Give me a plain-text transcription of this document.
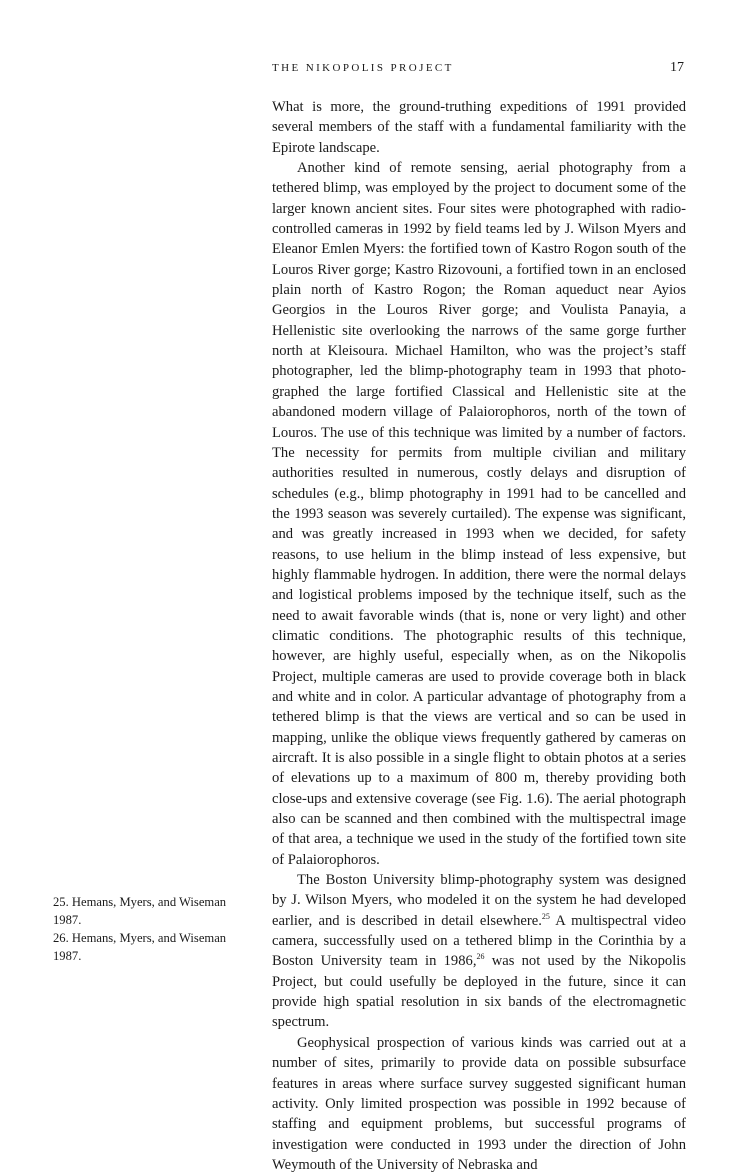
THE NIKOPOLIS PROJECT	17

What is more, the ground-truthing expeditions of 1991 provided several members of the staff with a fundamental familiarity with the Epirote landscape.

Another kind of remote sensing, aerial photography from a tethered blimp, was employed by the project to document some of the larger known ancient sites. Four sites were photographed with radio-controlled cameras in 1992 by field teams led by J. Wilson Myers and Eleanor Emlen Myers: the fortified town of Kastro Rogon south of the Louros River gorge; Kastro Rizovouni, a fortified town in an enclosed plain north of Kastro Rogon; the Roman aqueduct near Ayios Georgios in the Louros River gorge; and Voulista Panayia, a Hellenistic site overlooking the narrows of the same gorge further north at Kleisoura. Michael Hamilton, who was the project’s staff photographer, led the blimp-photography team in 1993 that photographed the large fortified Classical and Hellenistic site at the abandoned modern village of Palaiorophoros, north of the town of Louros. The use of this technique was limited by a number of factors. The necessity for permits from multiple civilian and military authorities resulted in numerous, costly delays and disruption of schedules (e.g., blimp photography in 1991 had to be cancelled and the 1993 season was severely curtailed). The expense was significant, and was greatly increased in 1993 when we decided, for safety reasons, to use helium in the blimp instead of less expensive, but highly flammable hydrogen. In addition, there were the normal delays and logistical problems imposed by the technique itself, such as the need to await favorable winds (that is, none or very light) and other climatic conditions. The photographic results of this technique, however, are highly useful, especially when, as on the Nikopolis Project, multiple cameras are used to provide coverage both in black and white and in color. A particular advantage of photography from a tethered blimp is that the views are vertical and so can be used in mapping, unlike the oblique views frequently gathered by cameras on aircraft. It is also possible in a single flight to obtain photos at a series of elevations up to a maximum of 800 m, thereby providing both close-ups and extensive coverage (see Fig. 1.6). The aerial photograph also can be scanned and then combined with the multispectral image of that area, a technique we used in the study of the fortified town site of Palaiorophoros.

The Boston University blimp-photography system was designed by J. Wilson Myers, who modeled it on the system he had developed earlier, and is described in detail elsewhere.$^{25}$ A multispectral video camera, successfully used on a tethered blimp in the Corinthia by a Boston University team in 1986,26 was not used by the Nikopolis Project, but could usefully be deployed in the future, since it can provide high spatial resolution in six bands of the electromagnetic spectrum.

Geophysical prospection of various kinds was carried out at a number of sites, primarily to provide data on possible subsurface features in areas where surface survey suggested significant human activity. Only limited prospection was possible in 1992 because of staffing and equipment problems, but successful programs of investigation were conducted in 1993 under the direction of John Weymouth of the University of Nebraska and

25. Hemans, Myers, and Wiseman 1987.

26. Hemans, Myers, and Wiseman 1987.
